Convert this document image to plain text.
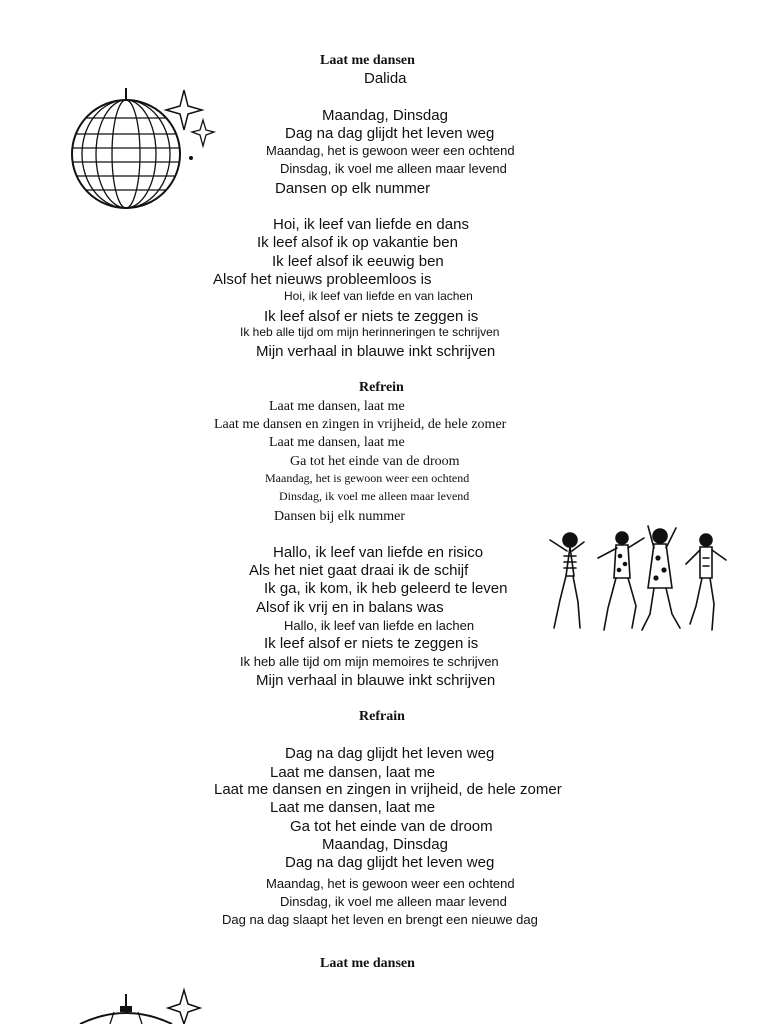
Laat me dansen
Dalida
Maandag, Dinsdag
Dag na dag glijdt het leven weg
Maandag, het is gewoon weer een ochtend
Dinsdag, ik voel me alleen maar levend
Dansen op elk nummer
Hoi, ik leef van liefde en dans
Ik leef alsof ik op vakantie ben
Ik leef alsof ik eeuwig ben
Alsof het nieuws probleemloos is
Hoi, ik leef van liefde en van lachen
Ik leef alsof er niets te zeggen is
Ik heb alle tijd om mijn herinneringen te schrijven
Mijn verhaal in blauwe inkt schrijven
Refrein
Laat me dansen, laat me
Laat me dansen en zingen in vrijheid, de hele zomer
Laat me dansen, laat me
Ga tot het einde van de droom
Maandag, het is gewoon weer een ochtend
Dinsdag, ik voel me alleen maar levend
Dansen bij elk nummer
Hallo, ik leef van liefde en risico
Als het niet gaat draai ik de schijf
Ik ga, ik kom, ik heb geleerd te leven
Alsof ik vrij en in balans was
Hallo, ik leef van liefde en lachen
Ik leef alsof er niets te zeggen is
Ik heb alle tijd om mijn memoires te schrijven
Mijn verhaal in blauwe inkt schrijven
Refrain
Dag na dag glijdt het leven weg
Laat me dansen, laat me
Laat me dansen en zingen in vrijheid, de hele zomer
Laat me dansen, laat me
Ga tot het einde van de droom
Maandag, Dinsdag
Dag na dag glijdt het leven weg
Maandag, het is gewoon weer een ochtend
Dinsdag, ik voel me alleen maar levend
Dag na dag slaapt het leven en brengt een nieuwe dag
Laat me dansen
